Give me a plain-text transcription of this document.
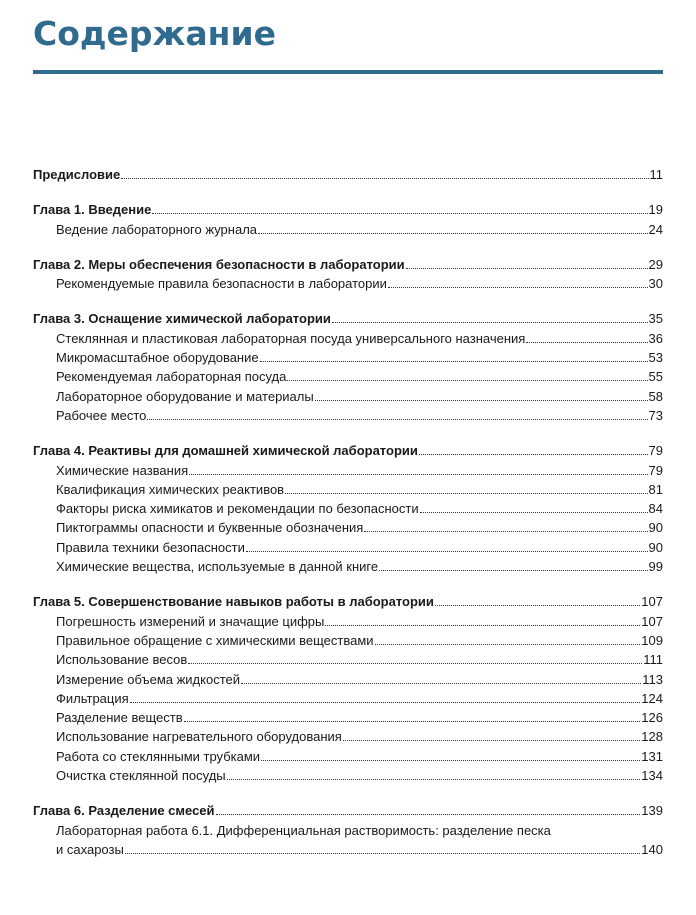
Содержание
Предисловие	11
Глава 1. Введение	19
Ведение лабораторного журнала	24
Глава 2. Меры обеспечения безопасности в лаборатории	29
Рекомендуемые правила безопасности в лаборатории	30
Глава 3. Оснащение химической лаборатории	35
Стеклянная и пластиковая лабораторная посуда универсального назначения	36
Микромасштабное оборудование	53
Рекомендуемая лабораторная посуда	55
Лабораторное оборудование и материалы	58
Рабочее место	73
Глава 4. Реактивы для домашней химической лаборатории	79
Химические названия	79
Квалификация химических реактивов	81
Факторы риска химикатов и рекомендации по безопасности	84
Пиктограммы опасности и буквенные обозначения	90
Правила техники безопасности	90
Химические вещества, используемые в данной книге	99
Глава 5. Совершенствование навыков работы в лаборатории	107
Погрешность измерений и значащие цифры	107
Правильное обращение с химическими веществами	109
Использование весов	111
Измерение объема жидкостей	113
Фильтрация	124
Разделение веществ	126
Использование нагревательного оборудования	128
Работа со стеклянными трубками	131
Очистка стеклянной посуды	134
Глава 6. Разделение смесей	139
Лабораторная работа 6.1. Дифференциальная растворимость: разделение песка
и сахарозы	140
